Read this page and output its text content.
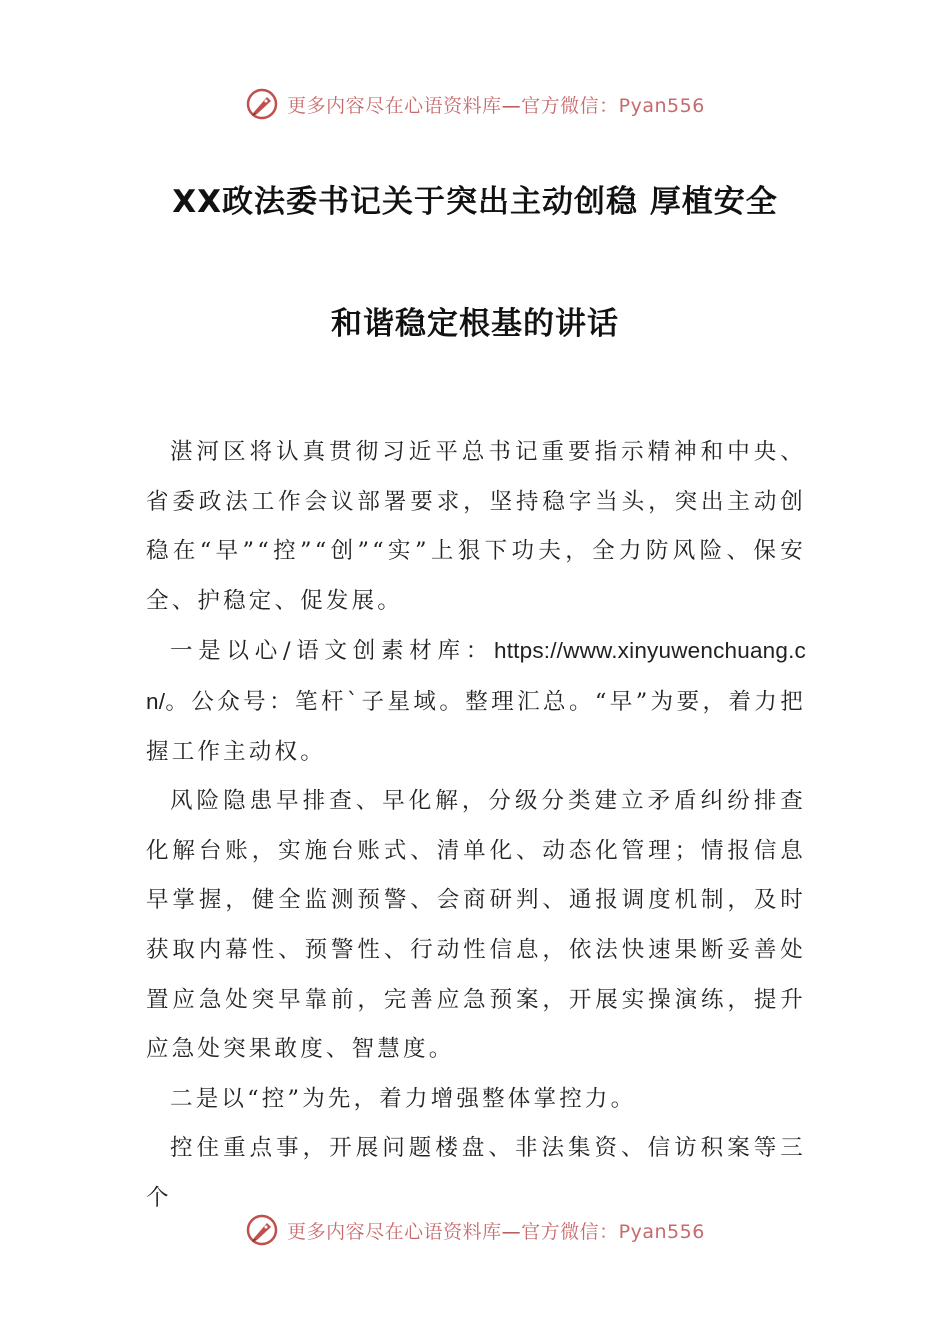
更多内容尽在心语资料库—官方微信：Pyan556
XX政法委书记关于突出主动创稳 厚植安全
和谐稳定根基的讲话

湛河区将认真贯彻习近平总书记重要指示精神和中央、省委政法工作会议部署要求，坚持稳字当头，突出主动创稳在“早”“控”“创”“实”上狠下功夫，全力防风险、保安全、护稳定、促发展。

一是以心/语文创素材库：https://www.xinyuwenchuang.cn/。公众号：笔杆`子星域。整理汇总。“早”为要，着力把握工作主动权。

风险隐患早排查、早化解，分级分类建立矛盾纠纷排查化解台账，实施台账式、清单化、动态化管理；情报信息早掌握，健全监测预警、会商研判、通报调度机制，及时获取内幕性、预警性、行动性信息，依法快速果断妥善处置应急处突早靠前，完善应急预案，开展实操演练，提升应急处突果敢度、智慧度。

二是以“控”为先，着力增强整体掌控力。

控住重点事，开展问题楼盘、非法集资、信访积案等三个

更多内容尽在心语资料库—官方微信：Pyan556
